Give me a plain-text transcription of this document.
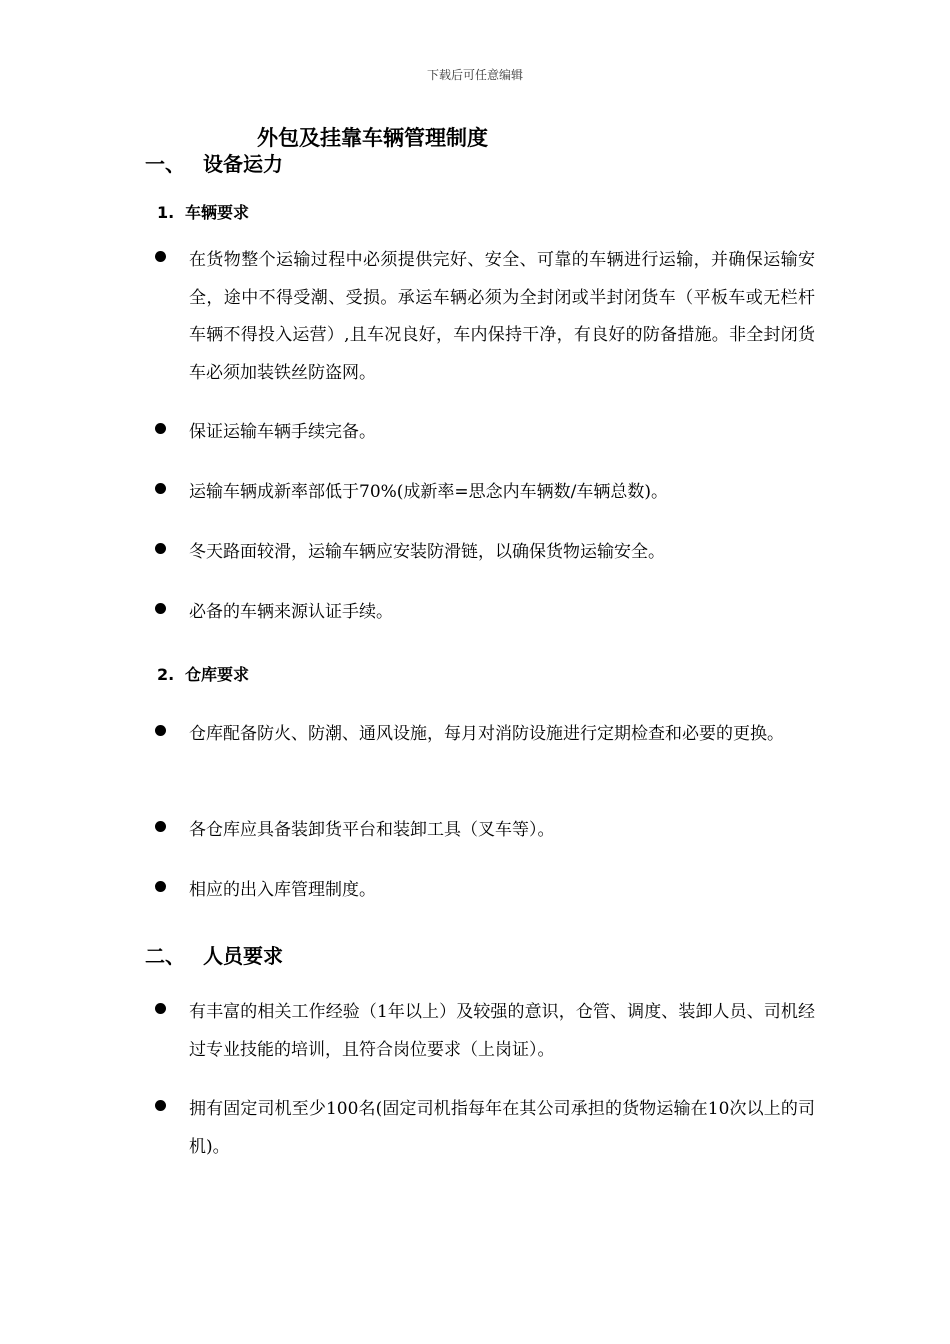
下载后可任意编辑
外包及挂靠车辆管理制度
一、 设备运力
1. 车辆要求
在货物整个运输过程中必须提供完好、安全、可靠的车辆进行运输，并确保运输安全，途中不得受潮、受损。承运车辆必须为全封闭或半封闭货车（平板车或无栏杆车辆不得投入运营）,且车况良好，车内保持干净，有良好的防备措施。非全封闭货车必须加装铁丝防盗网。
保证运输车辆手续完备。
运输车辆成新率部低于70%(成新率=思念内车辆数/车辆总数)。
冬天路面较滑，运输车辆应安装防滑链，以确保货物运输安全。
必备的车辆来源认证手续。
2. 仓库要求
仓库配备防火、防潮、通风设施，每月对消防设施进行定期检查和必要的更换。
各仓库应具备装卸货平台和装卸工具（叉车等）。
相应的出入库管理制度。
二、 人员要求
有丰富的相关工作经验（1年以上）及较强的意识，仓管、调度、装卸人员、司机经过专业技能的培训，且符合岗位要求（上岗证）。
拥有固定司机至少100名(固定司机指每年在其公司承担的货物运输在10次以上的司机)。
